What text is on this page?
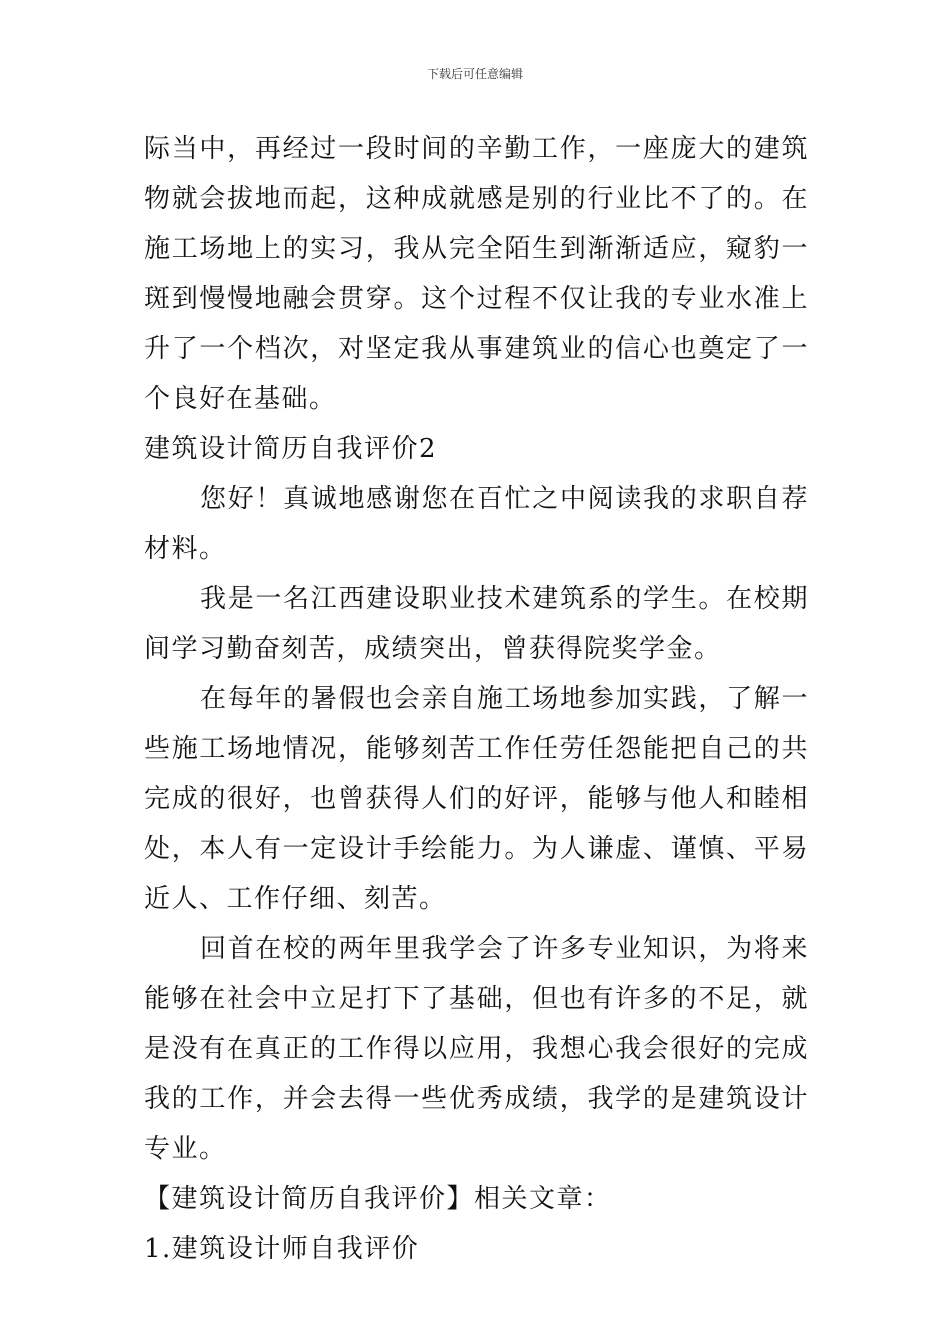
下载后可任意编辑

际当中，再经过一段时间的辛勤工作，一座庞大的建筑物就会拔地而起，这种成就感是别的行业比不了的。在施工场地上的实习，我从完全陌生到渐渐适应，窥豹一斑到慢慢地融会贯穿。这个过程不仅让我的专业水准上升了一个档次，对坚定我从事建筑业的信心也奠定了一个良好在基础。

建筑设计简历自我评价2

您好！真诚地感谢您在百忙之中阅读我的求职自荐材料。

我是一名江西建设职业技术建筑系的学生。在校期间学习勤奋刻苦，成绩突出，曾获得院奖学金。

在每年的暑假也会亲自施工场地参加实践，了解一些施工场地情况，能够刻苦工作任劳任怨能把自己的共完成的很好，也曾获得人们的好评，能够与他人和睦相处，本人有一定设计手绘能力。为人谦虚、谨慎、平易近人、工作仔细、刻苦。

回首在校的两年里我学会了许多专业知识，为将来能够在社会中立足打下了基础，但也有许多的不足，就是没有在真正的工作得以应用，我想心我会很好的完成我的工作，并会去得一些优秀成绩，我学的是建筑设计专业。

【建筑设计简历自我评价】相关文章：

1.建筑设计师自我评价
